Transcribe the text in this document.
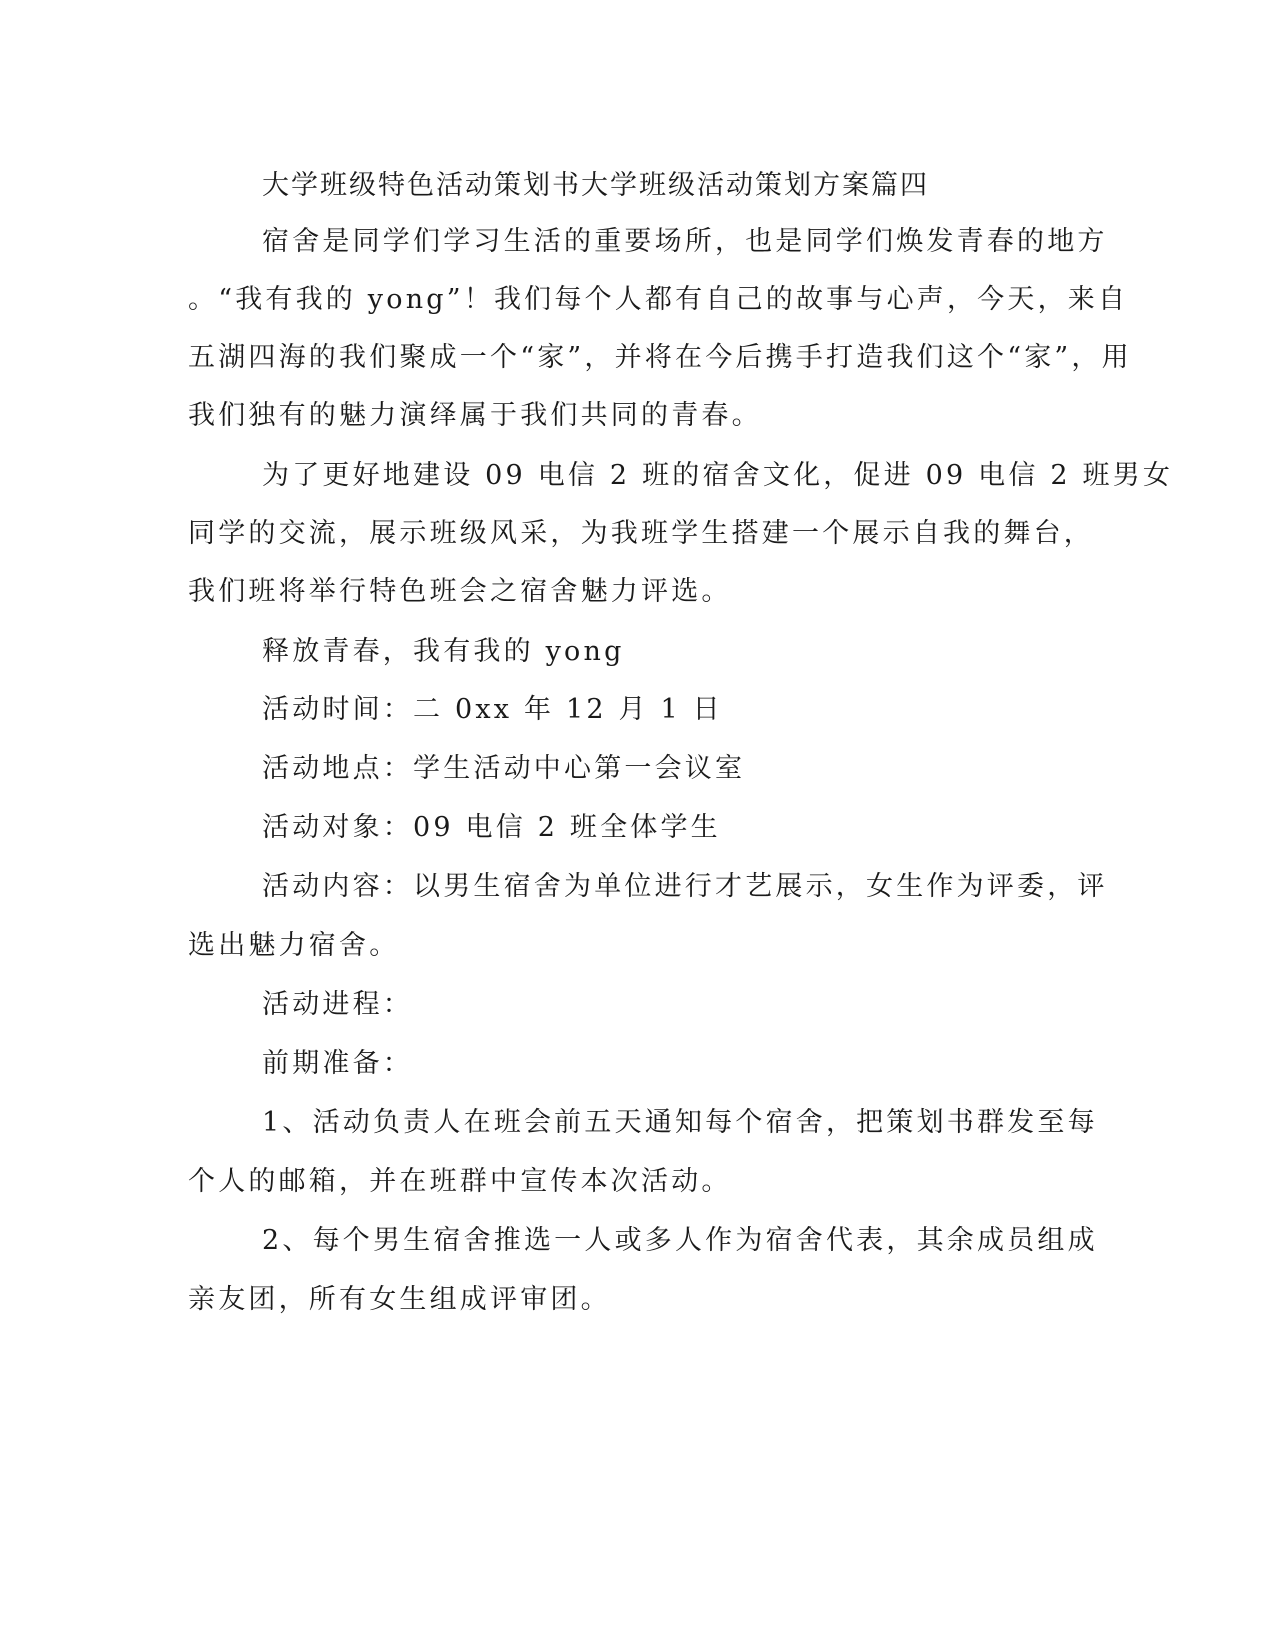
大学班级特色活动策划书大学班级活动策划方案篇四
宿舍是同学们学习生活的重要场所，也是同学们焕发青春的地方
。“我有我的 yong”！我们每个人都有自己的故事与心声，今天，来自
五湖四海的我们聚成一个“家”，并将在今后携手打造我们这个“家”，用
我们独有的魅力演绎属于我们共同的青春。
为了更好地建设 09 电信 2 班的宿舍文化，促进 09 电信 2 班男女
同学的交流，展示班级风采，为我班学生搭建一个展示自我的舞台，
我们班将举行特色班会之宿舍魅力评选。
释放青春，我有我的 yong
活动时间：二 0xx 年 12 月 1 日
活动地点：学生活动中心第一会议室
活动对象：09 电信 2 班全体学生
活动内容：以男生宿舍为单位进行才艺展示，女生作为评委，评
选出魅力宿舍。
活动进程：
前期准备：
1、活动负责人在班会前五天通知每个宿舍，把策划书群发至每
个人的邮箱，并在班群中宣传本次活动。
2、每个男生宿舍推选一人或多人作为宿舍代表，其余成员组成
亲友团，所有女生组成评审团。
